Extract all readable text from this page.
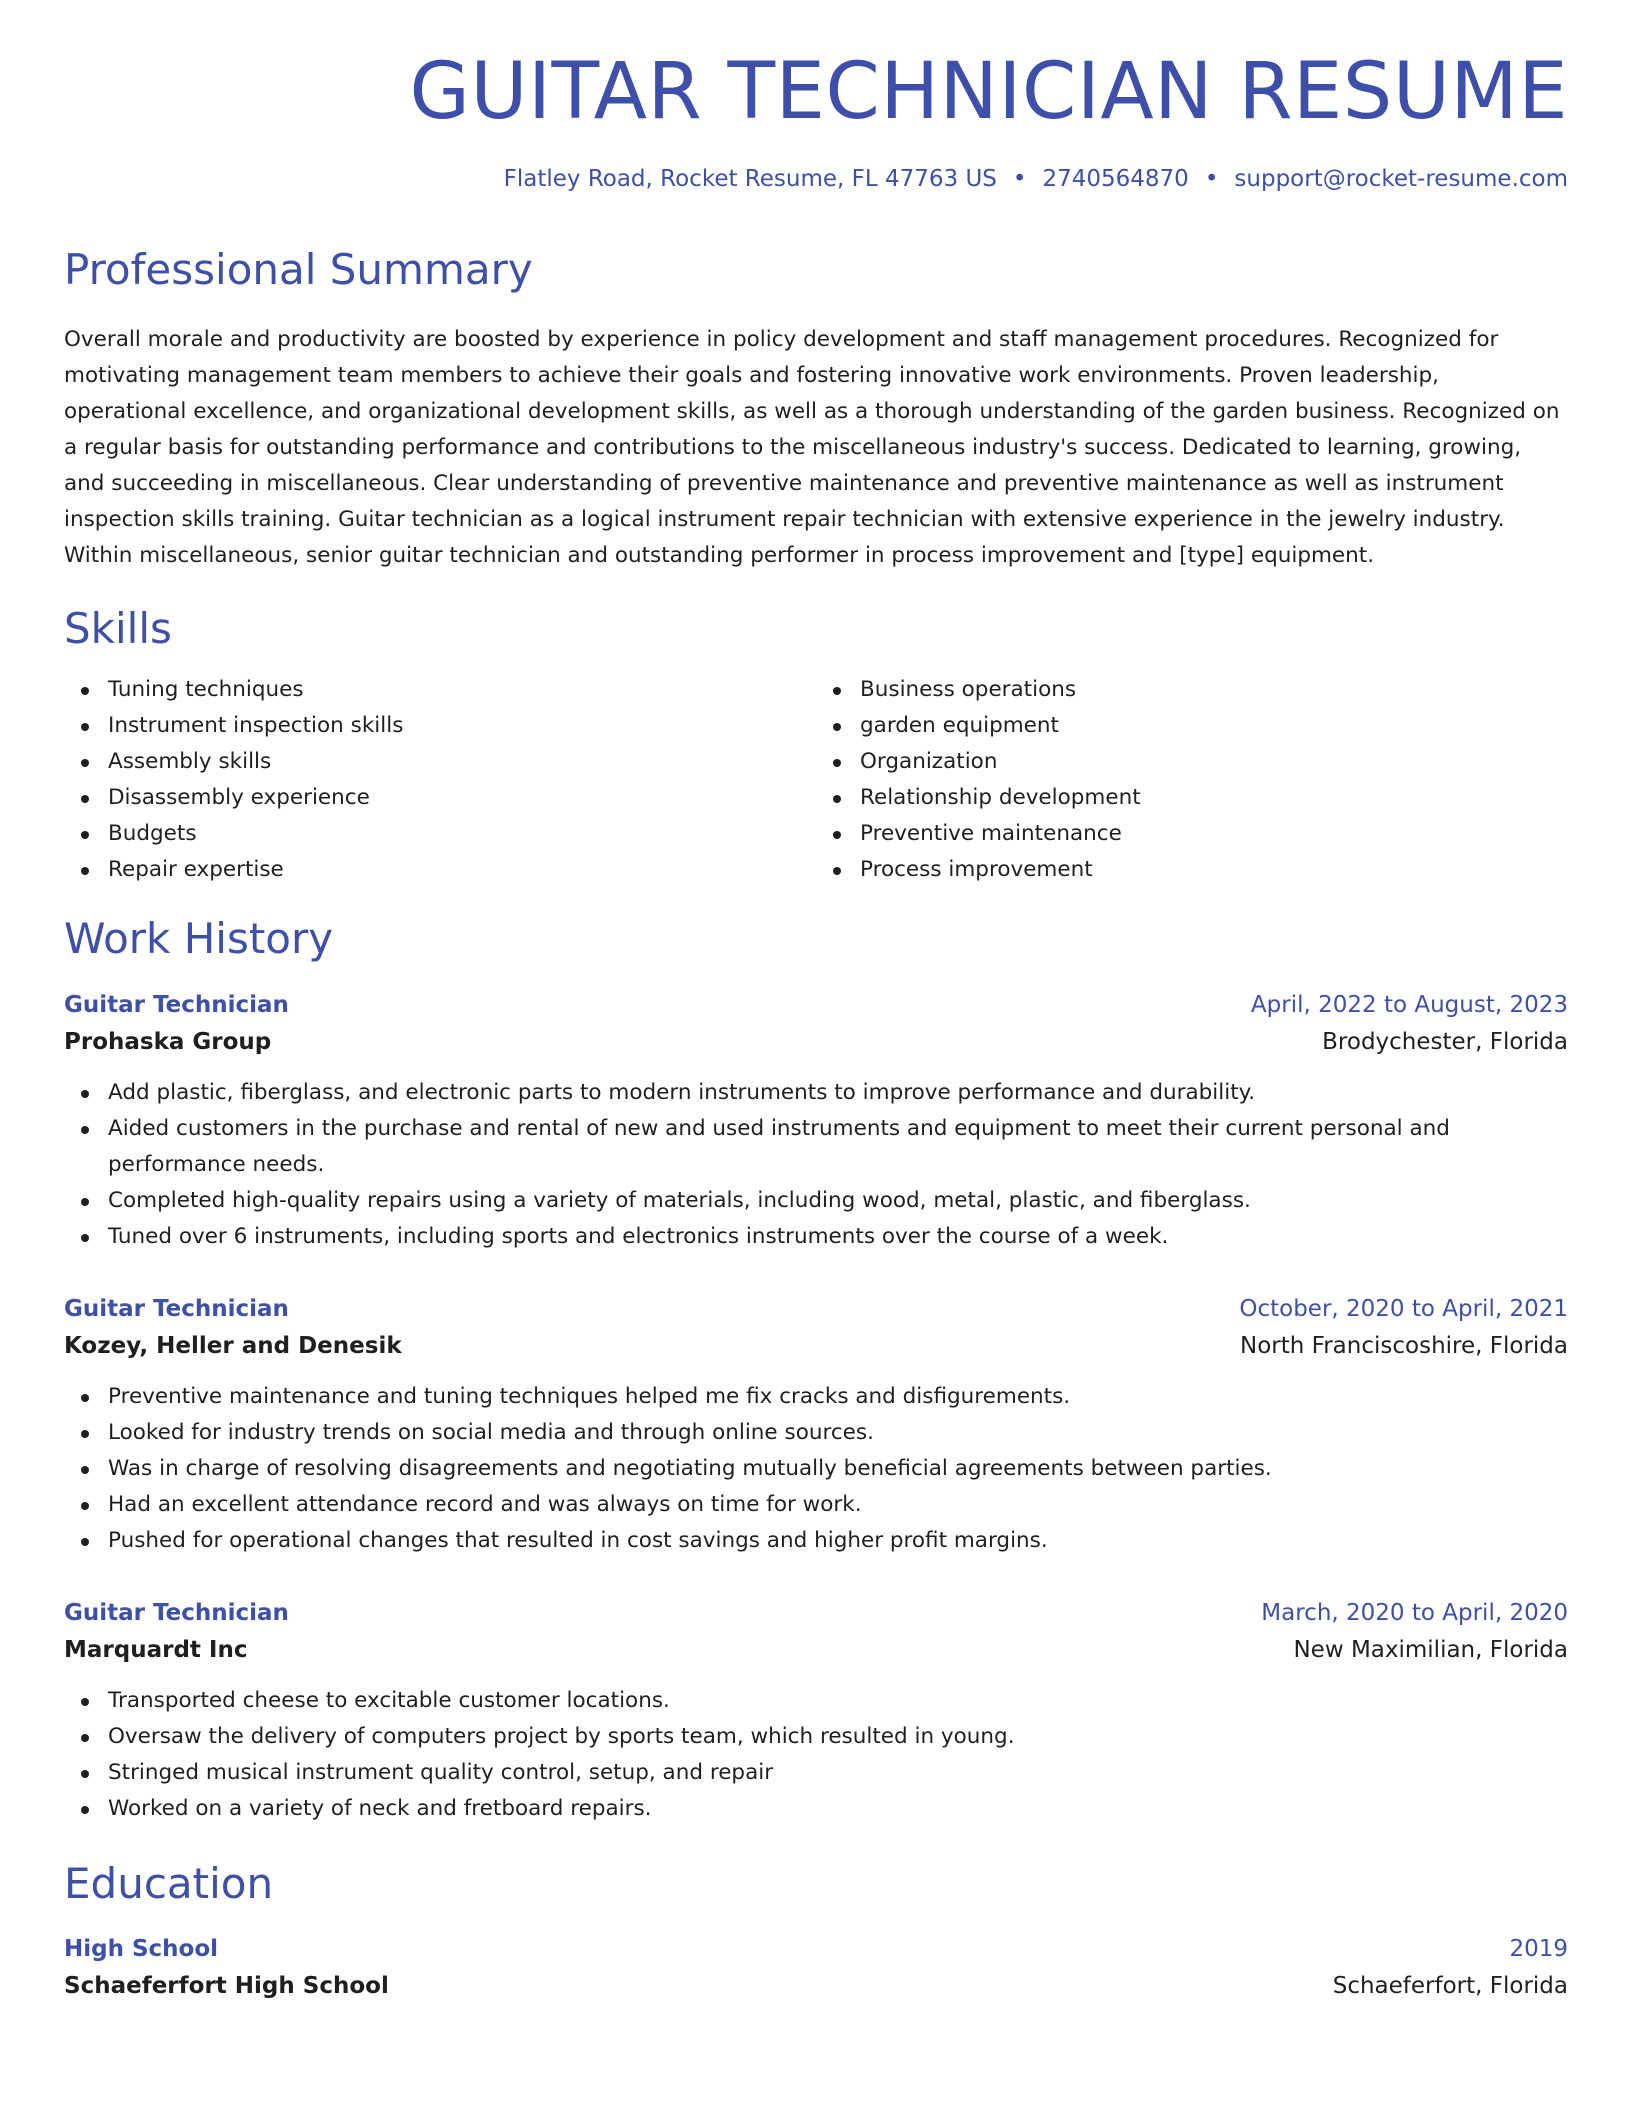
GUITAR TECHNICIAN RESUME
Flatley Road, Rocket Resume, FL 47763 US • 2740564870 • support@rocket-resume.com
Professional Summary

Overall morale and productivity are boosted by experience in policy development and staff management procedures. Recognized for motivating management team members to achieve their goals and fostering innovative work environments. Proven leadership, operational excellence, and organizational development skills, as well as a thorough understanding of the garden business. Recognized on a regular basis for outstanding performance and contributions to the miscellaneous industry's success. Dedicated to learning, growing, and succeeding in miscellaneous. Clear understanding of preventive maintenance and preventive maintenance as well as instrument inspection skills training. Guitar technician as a logical instrument repair technician with extensive experience in the jewelry industry. Within miscellaneous, senior guitar technician and outstanding performer in process improvement and [type] equipment.

Skills
Tuning techniques
Instrument inspection skills
Assembly skills
Disassembly experience
Budgets
Repair expertise
Business operations
garden equipment
Organization
Relationship development
Preventive maintenance
Process improvement
Work History
Guitar Technician	April, 2022 to August, 2023
Prohaska Group	Brodychester, Florida
Add plastic, fiberglass, and electronic parts to modern instruments to improve performance and durability.
Aided customers in the purchase and rental of new and used instruments and equipment to meet their current personal and performance needs.
Completed high-quality repairs using a variety of materials, including wood, metal, plastic, and fiberglass.
Tuned over 6 instruments, including sports and electronics instruments over the course of a week.
Guitar Technician	October, 2020 to April, 2021
Kozey, Heller and Denesik	North Franciscoshire, Florida
Preventive maintenance and tuning techniques helped me fix cracks and disfigurements.
Looked for industry trends on social media and through online sources.
Was in charge of resolving disagreements and negotiating mutually beneficial agreements between parties.
Had an excellent attendance record and was always on time for work.
Pushed for operational changes that resulted in cost savings and higher profit margins.
Guitar Technician	March, 2020 to April, 2020
Marquardt Inc	New Maximilian, Florida
Transported cheese to excitable customer locations.
Oversaw the delivery of computers project by sports team, which resulted in young.
Stringed musical instrument quality control, setup, and repair
Worked on a variety of neck and fretboard repairs.
Education
High School	2019
Schaeferfort High School	Schaeferfort, Florida
